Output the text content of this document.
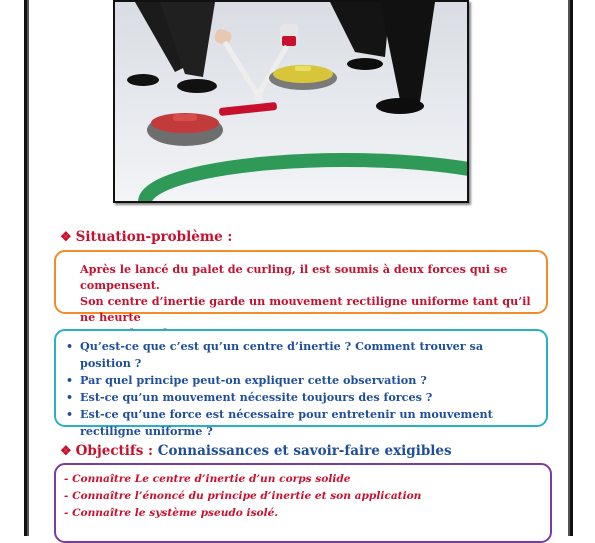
❖ Situation-problème :

Après le lancé du palet de curling, il est soumis à deux forces qui se compensent.

Son centre d’inertie garde un mouvement rectiligne uniforme tant qu’il ne heurte

• Qu’est-ce que c’est qu’un centre d’inertie ? Comment trouver sa position ?
• Par quel principe peut-on expliquer cette observation ?
• Est-ce qu’un mouvement nécessite toujours des forces ?
• Est-ce qu’une force est nécessaire pour entretenir un mouvement
rectiligne uniforme ?
❖ Objectifs : Connaissances et savoir-faire exigibles

- Connaître Le centre d’inertie d’un corps solide

- Connaître l’énoncé du principe d’inertie et son application

- Connaître le système pseudo isolé.
